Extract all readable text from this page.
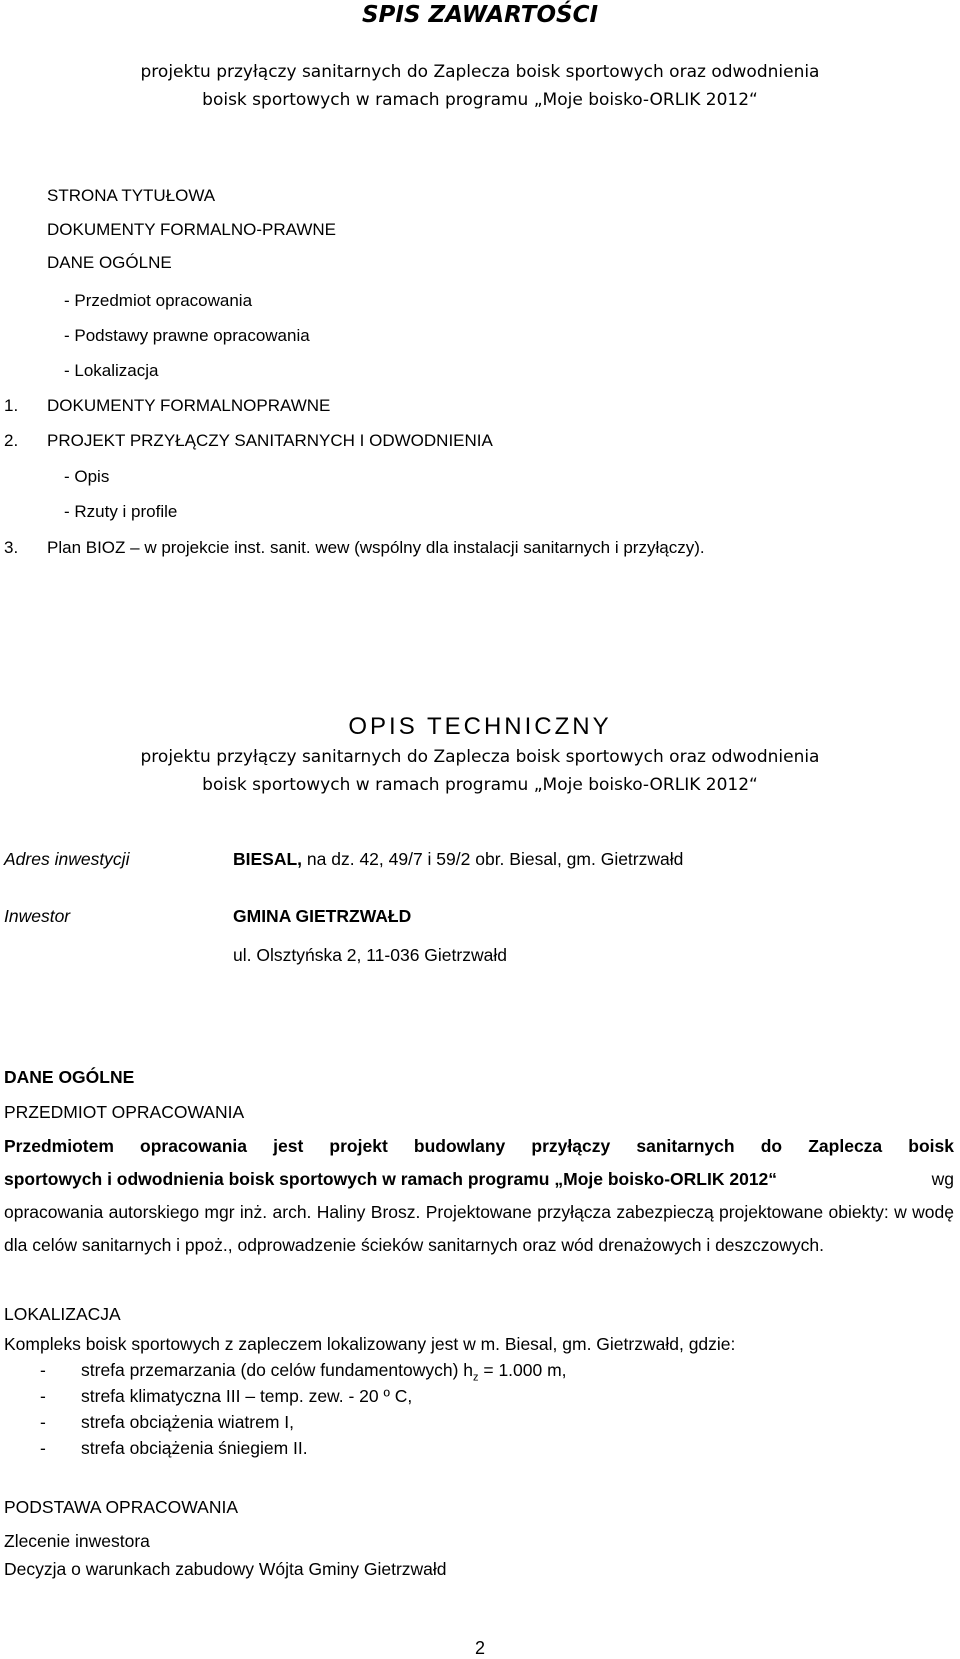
SPIS ZAWARTOŚCI
projektu przyłączy sanitarnych do Zaplecza boisk sportowych oraz odwodnienia
boisk sportowych w ramach programu „Moje boisko-ORLIK 2012“
STRONA TYTUŁOWA
DOKUMENTY FORMALNO-PRAWNE
DANE OGÓLNE
- Przedmiot opracowania
- Podstawy prawne opracowania
- Lokalizacja
1. DOKUMENTY FORMALNOPRAWNE
2. PROJEKT PRZYŁĄCZY SANITARNYCH I ODWODNIENIA
- Opis
- Rzuty i profile
3. Plan BIOZ – w projekcie inst. sanit. wew (wspólny dla instalacji sanitarnych i przyłączy).
OPIS TECHNICZNY
projektu przyłączy sanitarnych do Zaplecza boisk sportowych oraz odwodnienia
boisk sportowych w ramach programu „Moje boisko-ORLIK 2012“
Adres inwestycji	BIESAL, na dz. 42, 49/7 i 59/2 obr. Biesal, gm. Gietrzwałd
Inwestor	GMINA GIETRZWAŁD
ul. Olsztyńska 2, 11-036 Gietrzwałd
DANE OGÓLNE
PRZEDMIOT OPRACOWANIA
Przedmiotem opracowania jest projekt budowlany przyłączy sanitarnych do Zaplecza boisk
sportowych i odwodnienia boisk sportowych w ramach programu „Moje boisko-ORLIK 2012“	wg
opracowania autorskiego mgr inż. arch. Haliny Brosz. Projektowane przyłącza zabezpieczą projektowane obiekty: w wodę dla celów sanitarnych i ppoż., odprowadzenie ścieków sanitarnych oraz wód drenażowych i deszczowych.
LOKALIZACJA
Kompleks boisk sportowych z zapleczem lokalizowany jest w m. Biesal, gm. Gietrzwałd, gdzie:
- strefa przemarzania (do celów fundamentowych) $h_z = 1.000$ m,
- strefa klimatyczna III – temp. zew. - 20 º C,
- strefa obciążenia wiatrem I,
- strefa obciążenia śniegiem II.
PODSTAWA OPRACOWANIA
Zlecenie inwestora
Decyzja o warunkach zabudowy Wójta Gminy Gietrzwałd
2
